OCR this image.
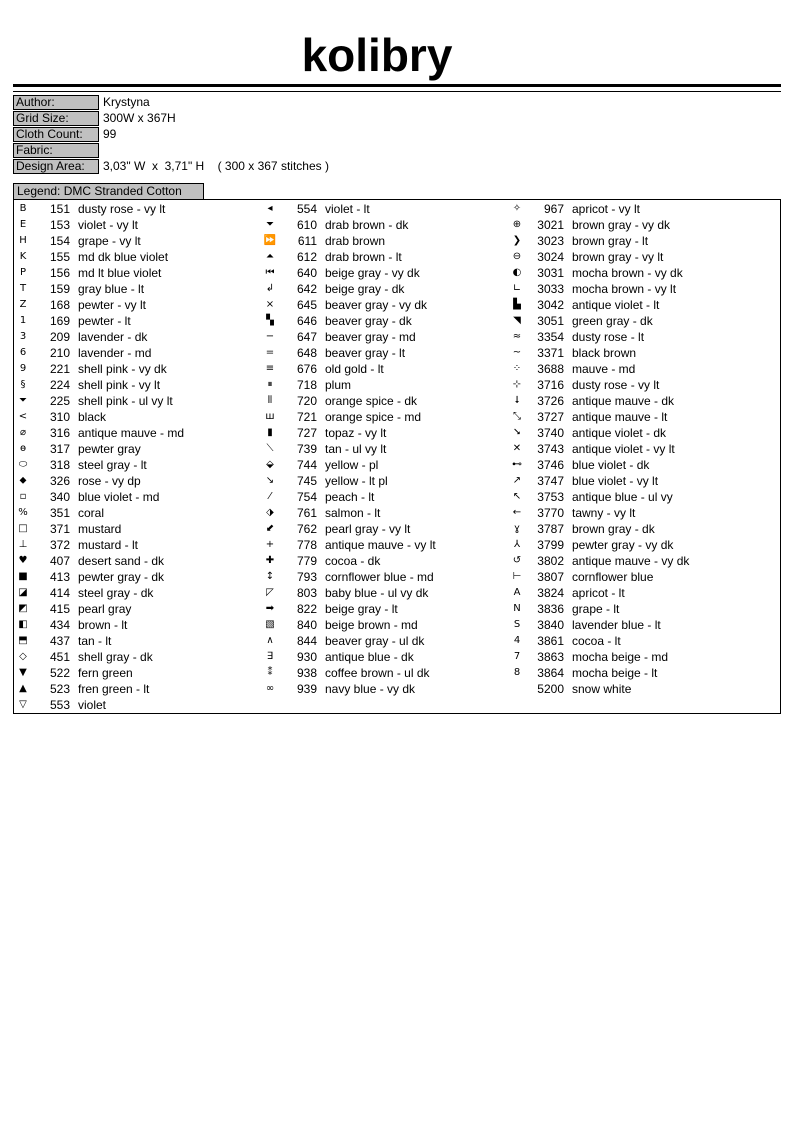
kolibry
Author:	Krystyna
Grid Size:	300W x 367H
Cloth Count:	99
Fabric:
Design Area:	3,03" W  x  3,71" H    ( 300 x 367 stitches )
Legend: DMC Stranded Cotton
B	151 dusty rose - vy lt
E	153 violet - vy lt
H	154 grape - vy lt
K	155 md dk blue violet
P	156 md lt blue violet
T	159 gray blue - lt
Z	168 pewter - vy lt
1	169 pewter - lt
3	209 lavender - dk
6	210 lavender - md
9	221 shell pink - vy dk
§	224 shell pink - vy lt
⏷	225 shell pink - ul vy lt
<	310 black
⌀	316 antique mauve - md
ɵ	317 pewter gray
⬭	318 steel gray - lt
⬥	326 rose - vy dp
▫	340 blue violet - md
%	351 coral
□	371 mustard
⊥	372 mustard - lt
♥	407 desert sand - dk
■	413 pewter gray - dk
◪	414 steel gray - dk
◩	415 pearl gray
◧	434 brown - lt
⬒	437 tan - lt
◇	451 shell gray - dk
▼	522 fern green
▲	523 fren green - lt
▽	553 violet
◂	554 violet - lt
⏷	610 drab brown - dk
⏩	611 drab brown
⏶	612 drab brown - lt
⏮	640 beige gray - vy dk
↲	642 beige gray - dk
×	645 beaver gray - vy dk
▚	646 beaver gray - dk
−	647 beaver gray - md
=	648 beaver gray - lt
≡	676 old gold - lt
⏸	718 plum
⦀	720 orange spice - dk
ш	721 orange spice - md
▮	727 topaz - vy lt
⟍	739 tan - ul vy lt
⬙	744 yellow - pl
↘	745 yellow - lt pl
⁄	754 peach - lt
⬗	761 salmon - lt
⬋	762 pearl gray - vy lt
+	778 antique mauve - vy lt
✚	779 cocoa - dk
↕	793 cornflower blue - md
◸	803 baby blue - ul vy dk
➡	822 beige gray - lt
▧	840 beige brown - md
∧	844 beaver gray - ul dk
∃	930 antique blue - dk
⁑	938 coffee brown - ul dk
∞	939 navy blue - vy dk
✧	967 apricot - vy lt
⊕	3021 brown gray - vy dk
❯	3023 brown gray - lt
⊖	3024 brown gray - vy lt
◐	3031 mocha brown - vy dk
∟	3033 mocha brown - vy lt
▙	3042 antique violet - lt
◥	3051 green gray - dk
≈	3354 dusty rose - lt
~	3371 black brown
⁘	3688 mauve - md
⊹	3716 dusty rose - vy lt
⭣	3726 antique mauve - dk
⤡	3727 antique mauve - lt
⭨	3740 antique violet - dk
✕	3743 antique violet - vy lt
⊷	3746 blue violet - dk
↗	3747 blue violet - vy lt
↖	3753 antique blue - ul vy
←	3770 tawny - vy lt
ɣ	3787 brown gray - dk
⅄	3799 pewter gray - vy dk
↺	3802 antique mauve - vy dk
⊢	3807 cornflower blue
A	3824 apricot - lt
N	3836 grape - lt
S	3840 lavender blue - lt
4	3861 cocoa - lt
7	3863 mocha beige - md
8	3864 mocha beige - lt
5200 snow white
